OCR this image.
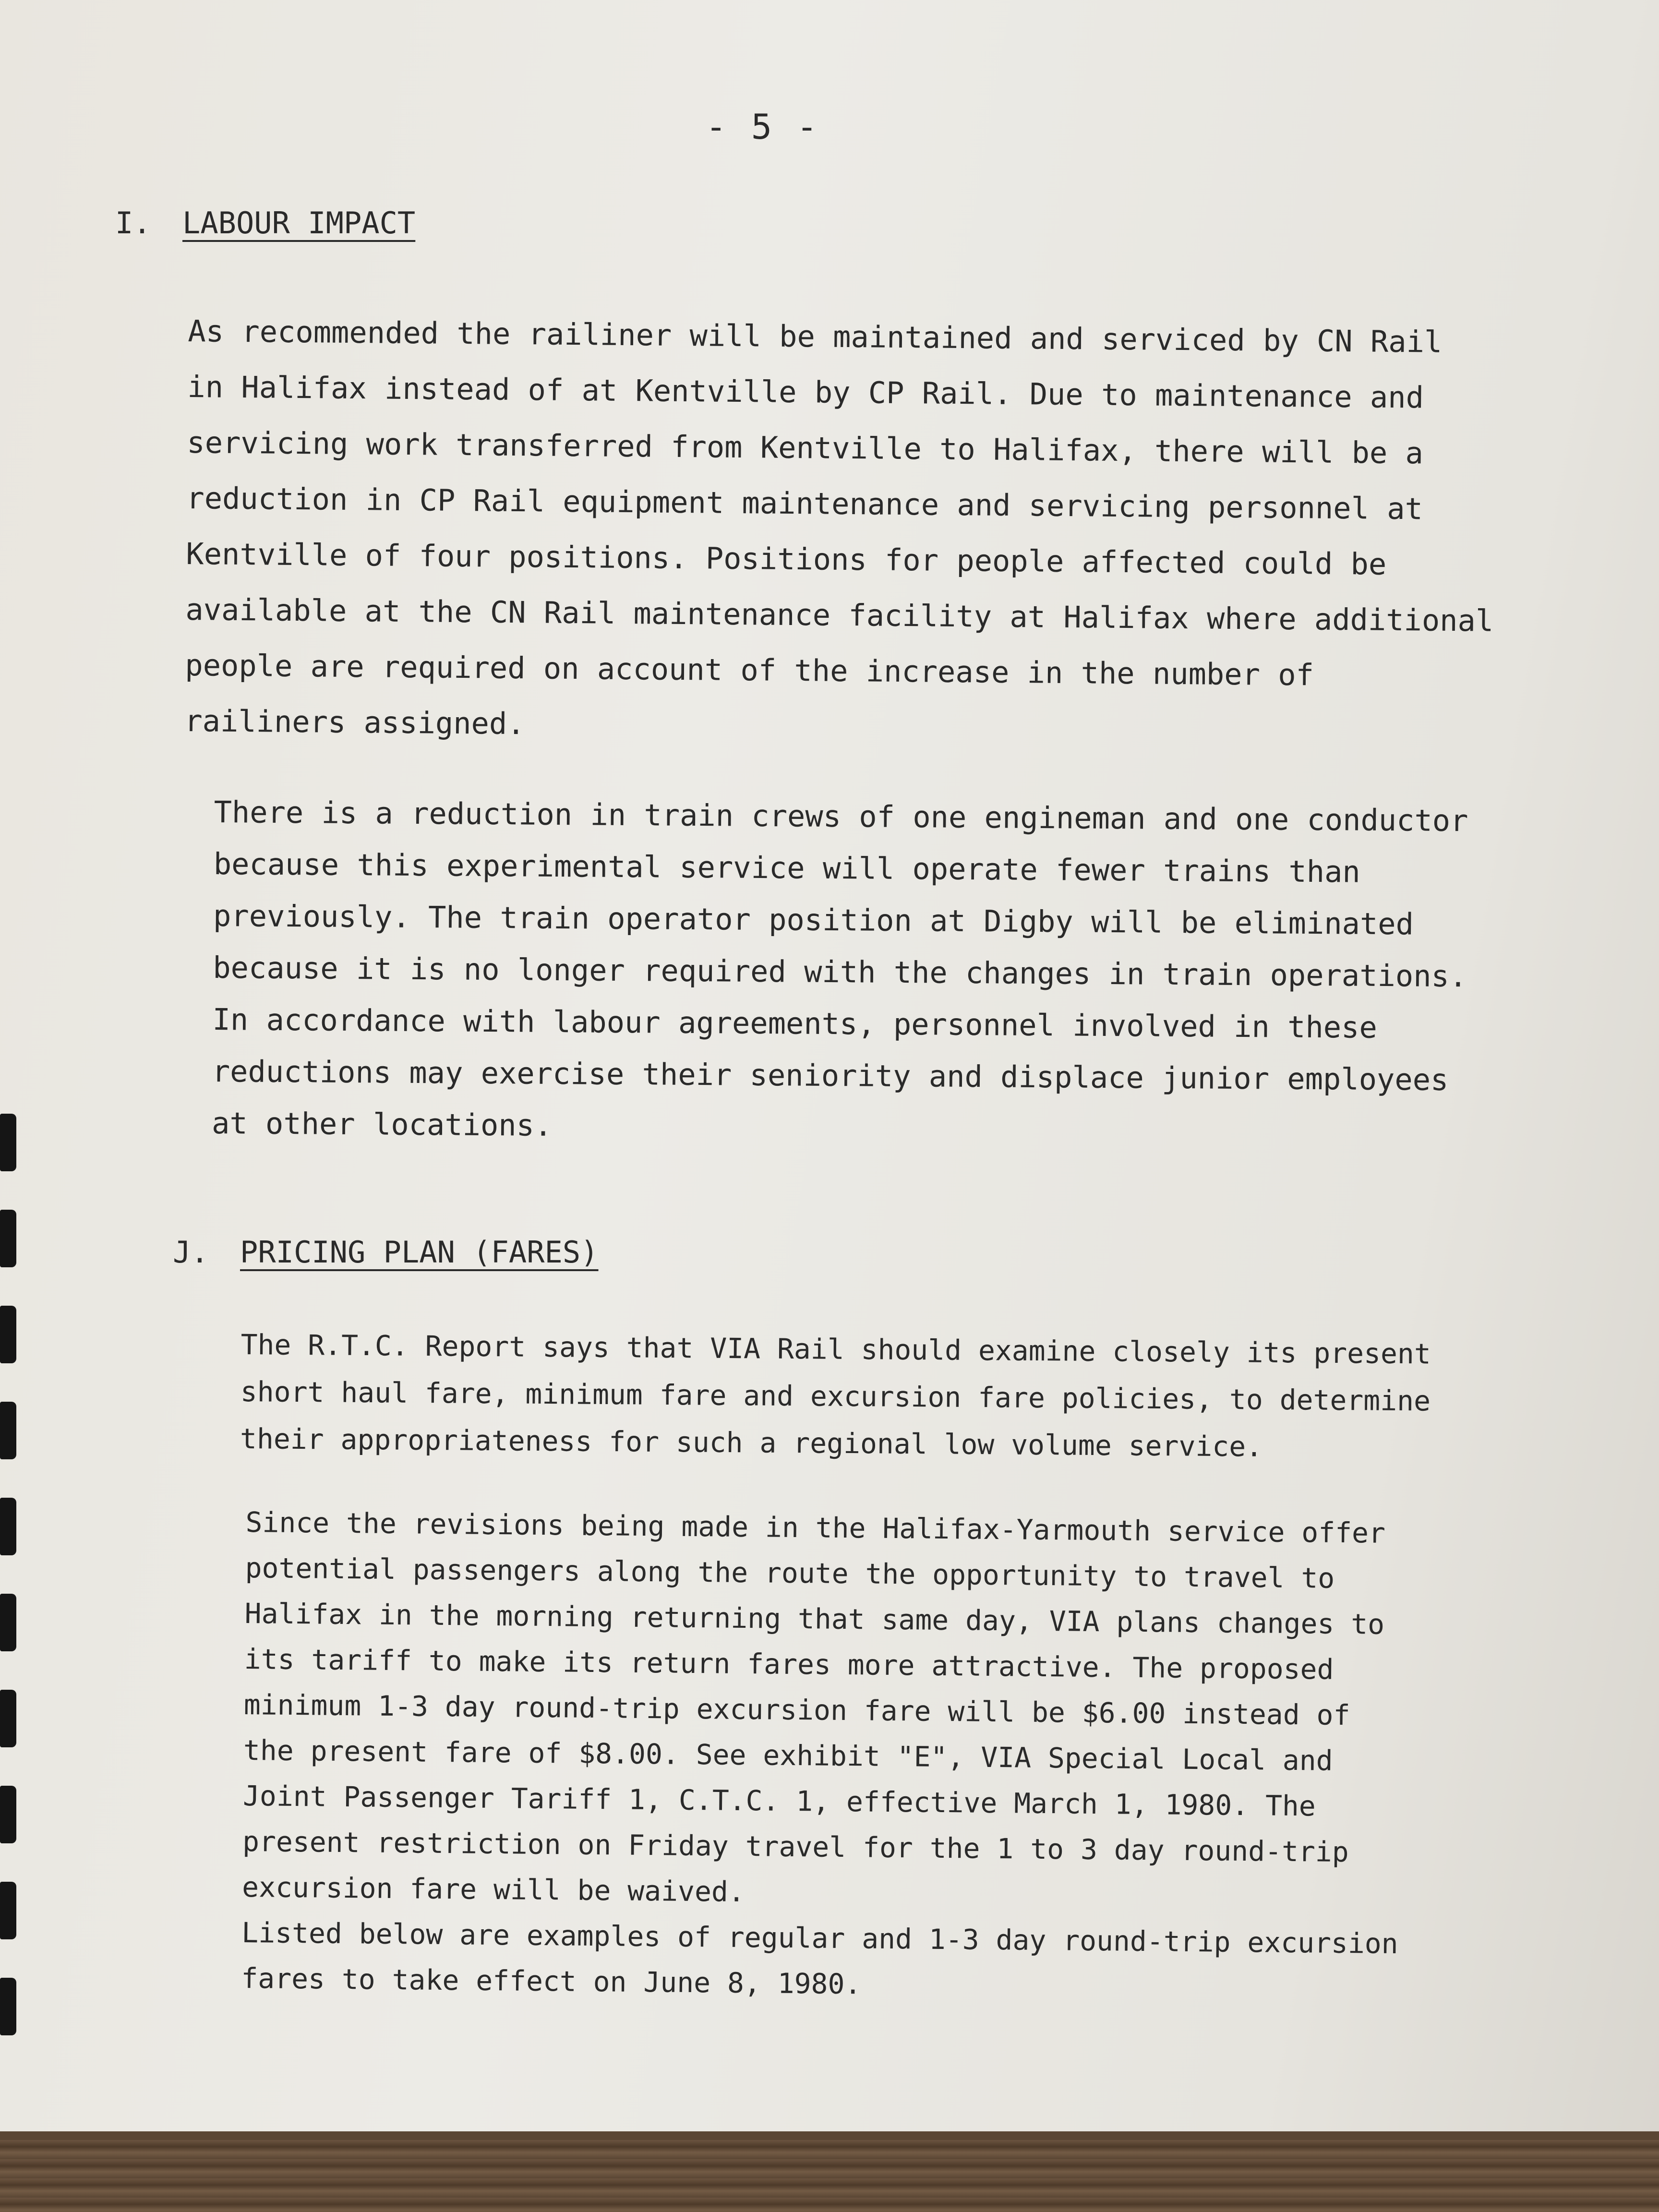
- 5 -
I. LABOUR IMPACT

As recommended the railiner will be maintained and serviced by CN Rail
in Halifax instead of at Kentville by CP Rail. Due to maintenance and
servicing work transferred from Kentville to Halifax, there will be a
reduction in CP Rail equipment maintenance and servicing personnel at
Kentville of four positions. Positions for people affected could be
available at the CN Rail maintenance facility at Halifax where additional
people are required on account of the increase in the number of
railiners assigned.

There is a reduction in train crews of one engineman and one conductor
because this experimental service will operate fewer trains than
previously. The train operator position at Digby will be eliminated
because it is no longer required with the changes in train operations.
In accordance with labour agreements, personnel involved in these
reductions may exercise their seniority and displace junior employees
at other locations.

J. PRICING PLAN (FARES)

The R.T.C. Report says that VIA Rail should examine closely its present
short haul fare, minimum fare and excursion fare policies, to determine
their appropriateness for such a regional low volume service.

Since the revisions being made in the Halifax-Yarmouth service offer
potential passengers along the route the opportunity to travel to
Halifax in the morning returning that same day, VIA plans changes to
its tariff to make its return fares more attractive. The proposed
minimum 1-3 day round-trip excursion fare will be $6.00 instead of
the present fare of $8.00. See exhibit "E", VIA Special Local and
Joint Passenger Tariff 1, C.T.C. 1, effective March 1, 1980. The
present restriction on Friday travel for the 1 to 3 day round-trip
excursion fare will be waived.
Listed below are examples of regular and 1-3 day round-trip excursion
fares to take effect on June 8, 1980.
